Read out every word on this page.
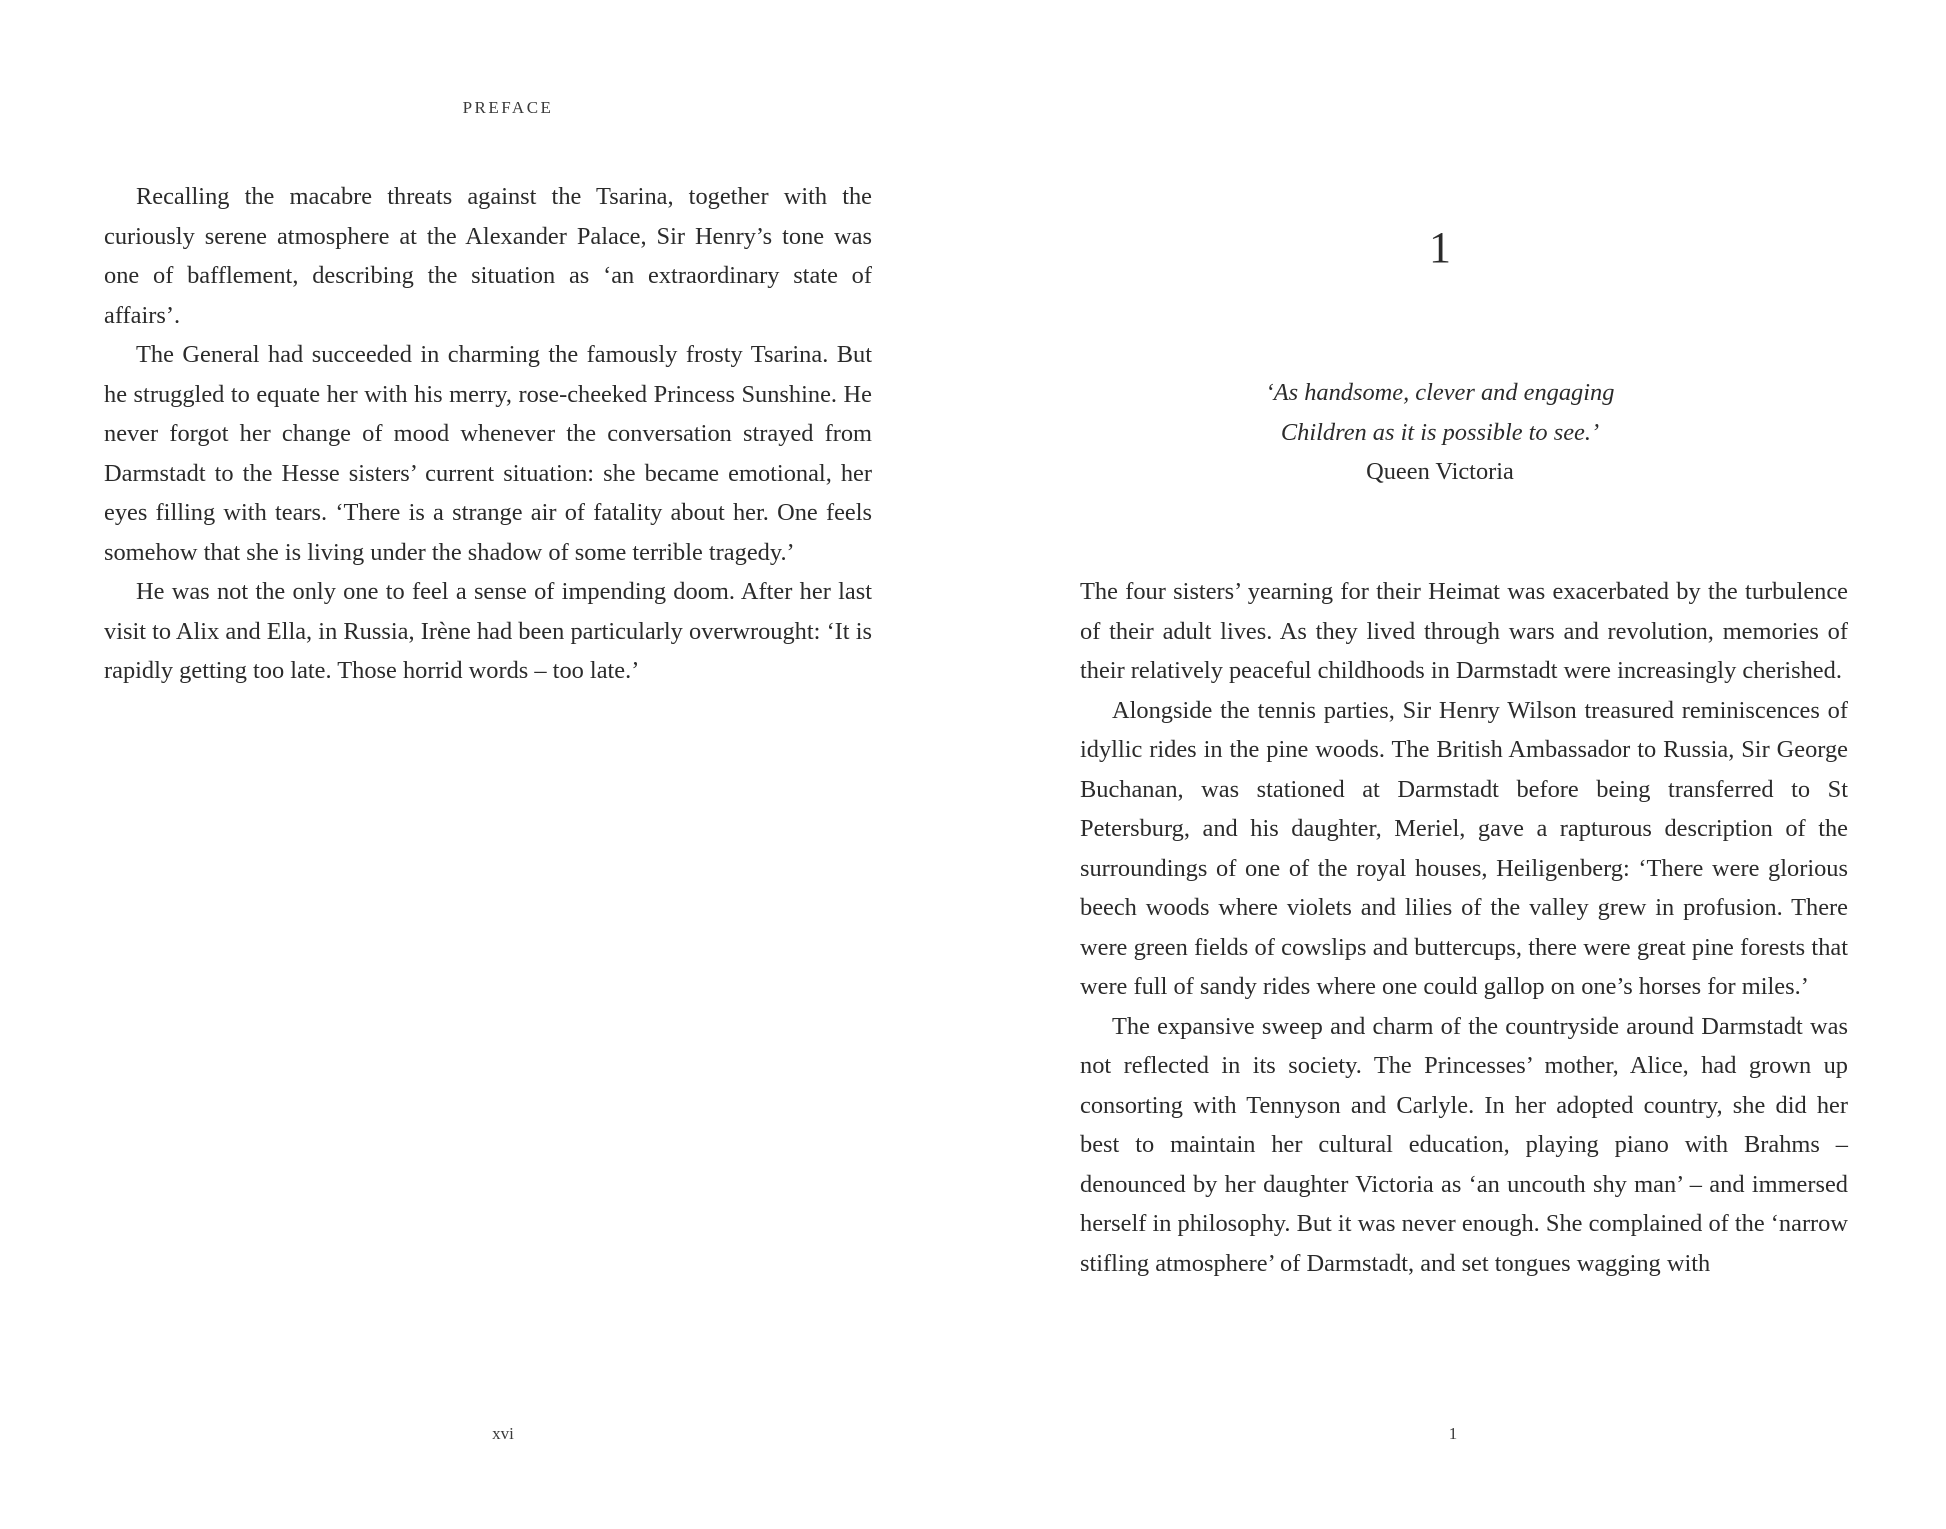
PREFACE

Recalling the macabre threats against the Tsarina, together with the curiously serene atmosphere at the Alexander Palace, Sir Henry’s tone was one of bafflement, describing the situation as ‘an extraordinary state of affairs’.

The General had succeeded in charming the famously frosty Tsarina. But he struggled to equate her with his merry, rose-cheeked Princess Sunshine. He never forgot her change of mood whenever the conversation strayed from Darmstadt to the Hesse sisters’ current situation: she became emotional, her eyes filling with tears. ‘There is a strange air of fatality about her. One feels somehow that she is living under the shadow of some terrible tragedy.’

He was not the only one to feel a sense of impending doom. After her last visit to Alix and Ella, in Russia, Irène had been particularly overwrought: ‘It is rapidly getting too late. Those horrid words – too late.’

xvi
1
‘As handsome, clever and engaging
Children as it is possible to see.’
Queen Victoria

The four sisters’ yearning for their Heimat was exacerbated by the turbulence of their adult lives. As they lived through wars and revolution, memories of their relatively peaceful childhoods in Darmstadt were increasingly cherished.

Alongside the tennis parties, Sir Henry Wilson treasured reminiscences of idyllic rides in the pine woods. The British Ambassador to Russia, Sir George Buchanan, was stationed at Darmstadt before being transferred to St Petersburg, and his daughter, Meriel, gave a rapturous description of the surroundings of one of the royal houses, Heiligenberg: ‘There were glorious beech woods where violets and lilies of the valley grew in profusion. There were green fields of cowslips and buttercups, there were great pine forests that were full of sandy rides where one could gallop on one’s horses for miles.’

The expansive sweep and charm of the countryside around Darmstadt was not reflected in its society. The Princesses’ mother, Alice, had grown up consorting with Tennyson and Carlyle. In her adopted country, she did her best to maintain her cultural education, playing piano with Brahms – denounced by her daughter Victoria as ‘an uncouth shy man’ – and immersed herself in philosophy. But it was never enough. She complained of the ‘narrow stifling atmosphere’ of Darmstadt, and set tongues wagging with

1
